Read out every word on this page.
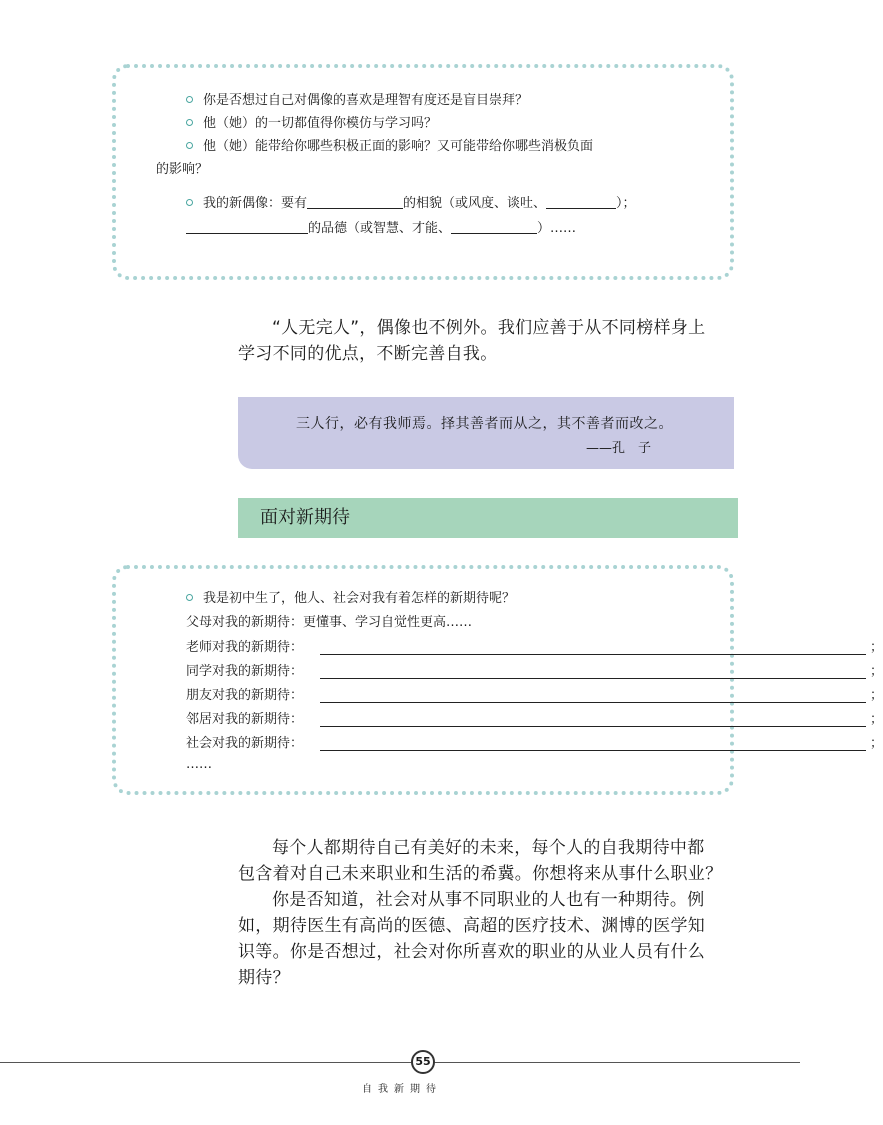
你是否想过自己对偶像的喜欢是理智有度还是盲目崇拜？
他（她）的一切都值得你模仿与学习吗？
他（她）能带给你哪些积极正面的影响？又可能带给你哪些消极负面
的影响？
我的新偶像：要有	的相貌（或风度、谈吐、	）；
的品德（或智慧、才能、	）……
“人无完人”，偶像也不例外。我们应善于从不同榜样身上
学习不同的优点，不断完善自我。
三人行，必有我师焉。择其善者而从之，其不善者而改之。
——孔　子
面对新期待
我是初中生了，他人、社会对我有着怎样的新期待呢？
父母对我的新期待：更懂事、学习自觉性更高……
老师对我的新期待：	；
同学对我的新期待：	；
朋友对我的新期待：	；
邻居对我的新期待：	；
社会对我的新期待：	；
……
每个人都期待自己有美好的未来，每个人的自我期待中都
包含着对自己未来职业和生活的希冀。你想将来从事什么职业？
你是否知道，社会对从事不同职业的人也有一种期待。例
如，期待医生有高尚的医德、高超的医疗技术、渊博的医学知
识等。你是否想过，社会对你所喜欢的职业的从业人员有什么
期待？
55
自我新期待
